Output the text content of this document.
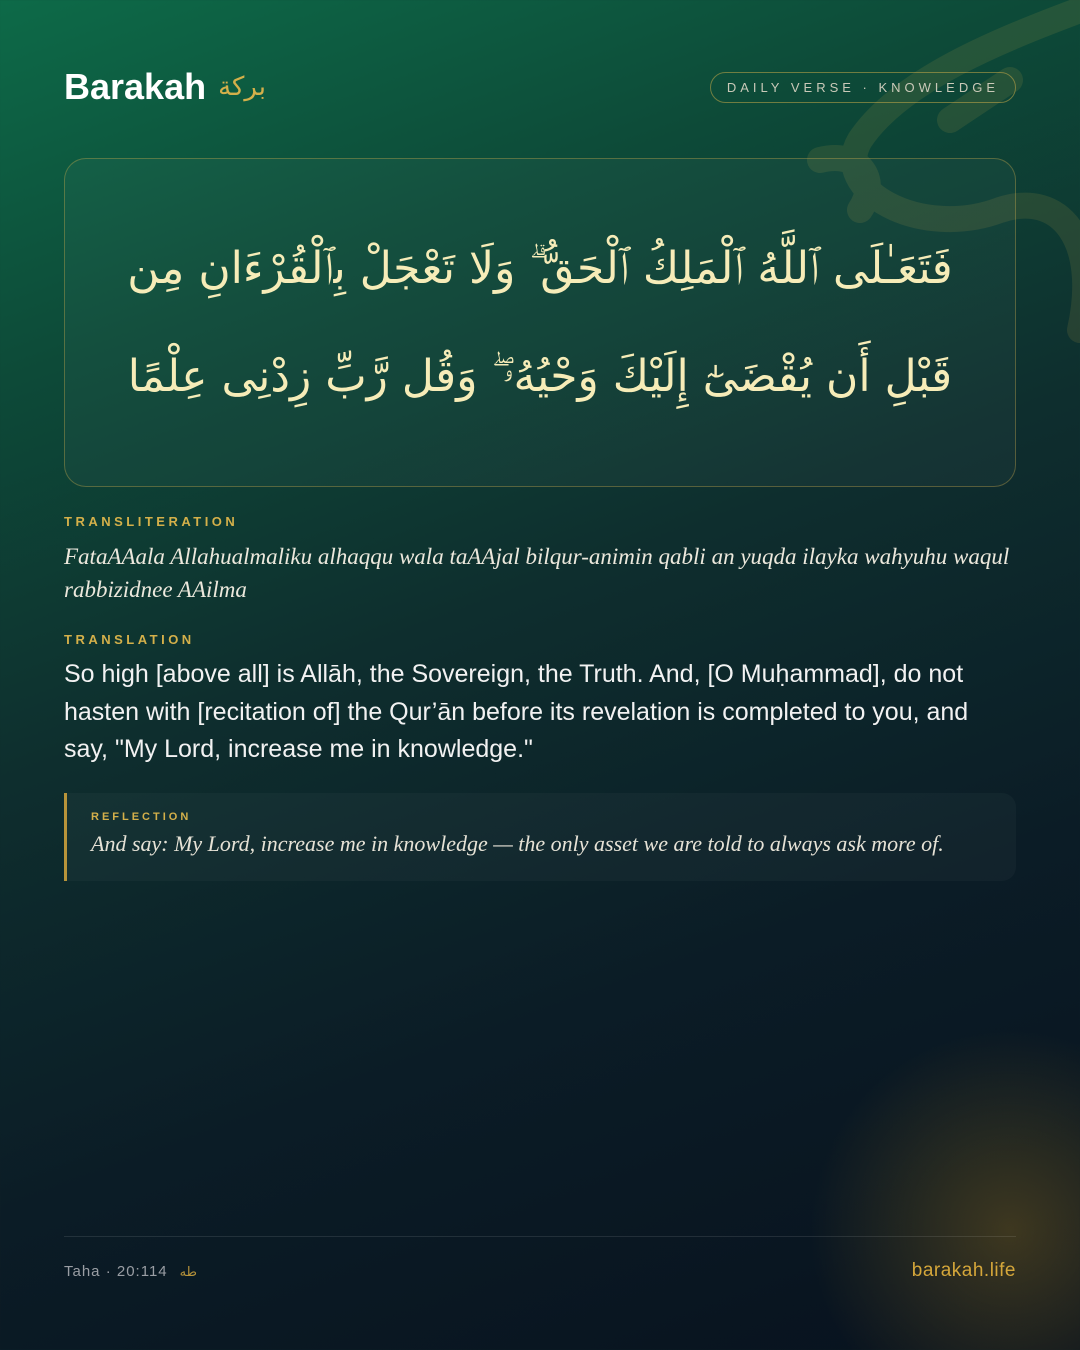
Barakah بركة	DAILY VERSE · KNOWLEDGE
فَتَعَـٰلَى ٱللَّهُ ٱلْمَلِكُ ٱلْحَقُّ ۗ وَلَا تَعْجَلْ بِٱلْقُرْءَانِ مِن قَبْلِ أَن يُقْضَىٰٓ إِلَيْكَ وَحْيُهُۥ ۖ وَقُل رَّبِّ زِدْنِى عِلْمًا
TRANSLITERATION
FataAAala Allahualmaliku alhaqqu wala taAAjal bilqur-animin qabli an yuqda ilayka wahyuhu waqul rabbizidnee AAilma
TRANSLATION
So high [above all] is Allāh, the Sovereign, the Truth. And, [O Muḥammad], do not hasten with [recitation of] the Qur’ān before its revelation is completed to you, and say, "My Lord, increase me in knowledge."
REFLECTION
And say: My Lord, increase me in knowledge — the only asset we are told to always ask more of.
Taha · 20:114 طه	barakah.life
